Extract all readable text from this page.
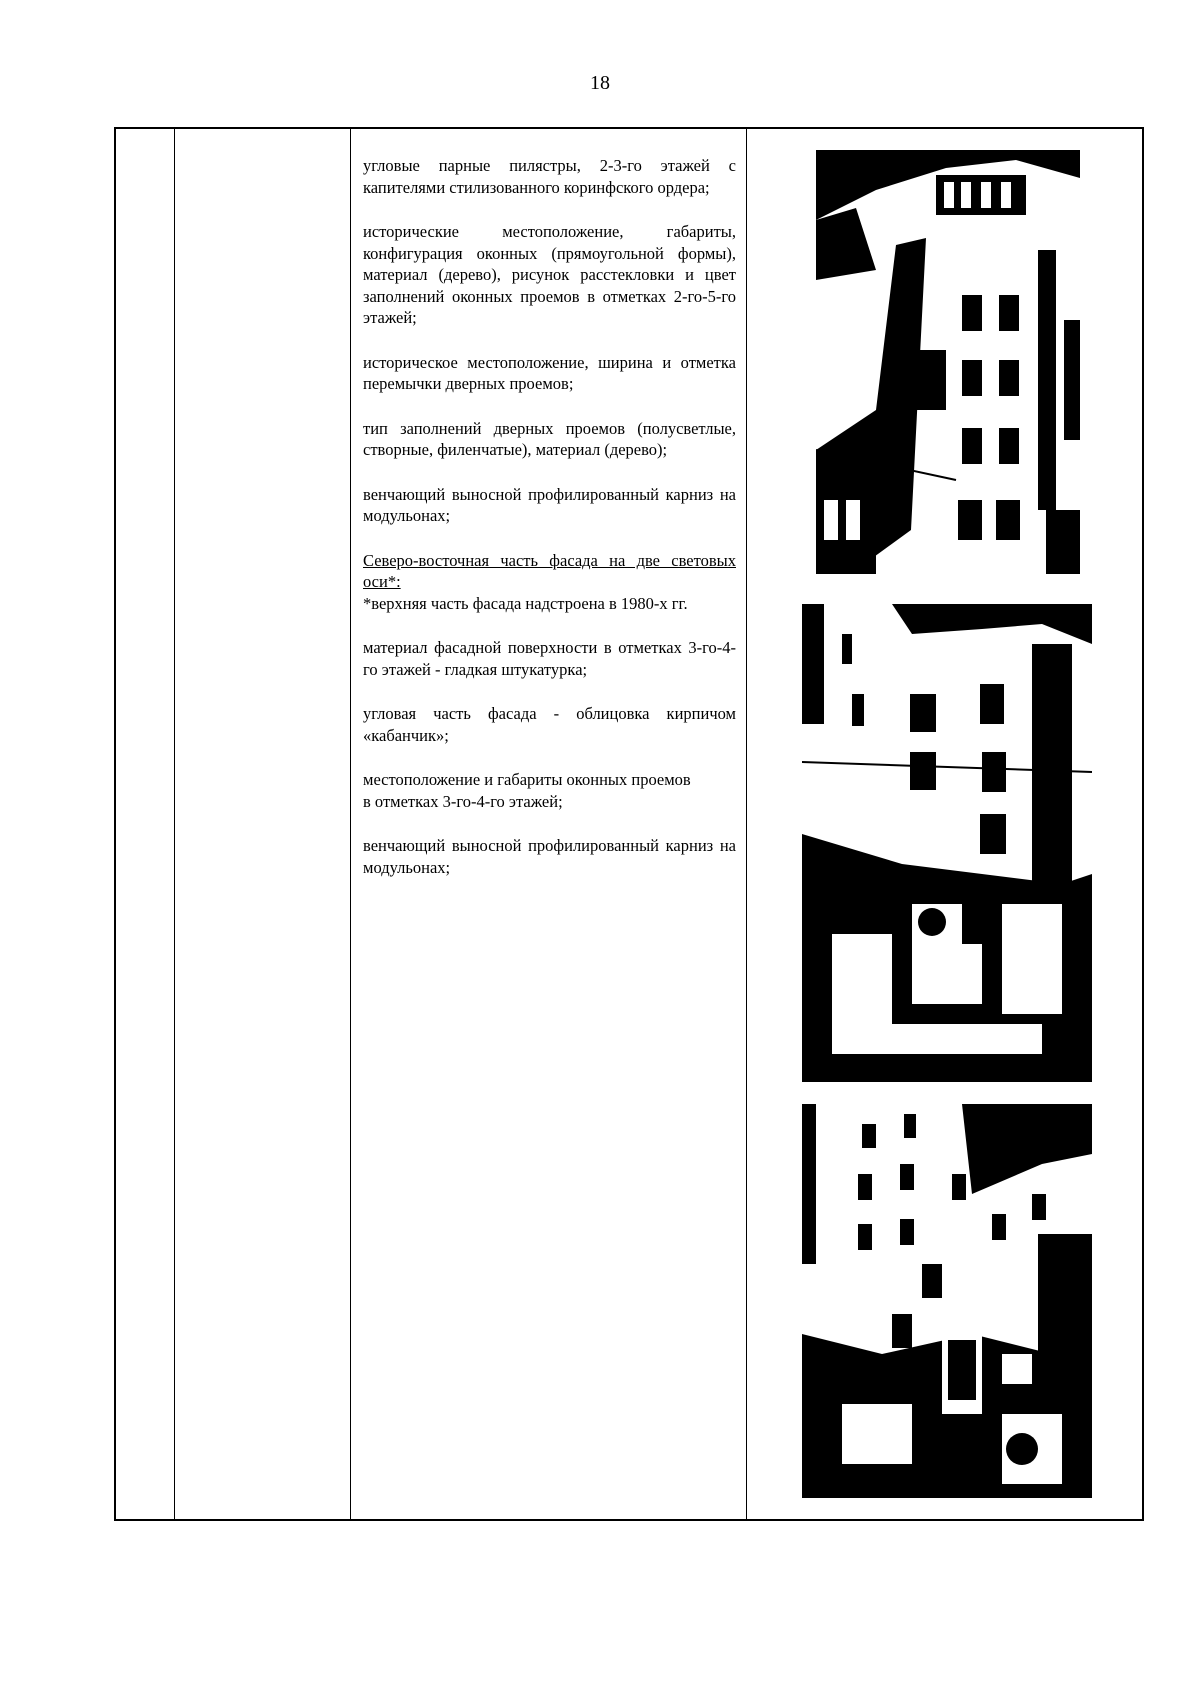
18

угловые парные пилястры, 2-3-го этажей с капителями стилизованного коринфского ордера;

исторические местоположение, габариты, конфигурация оконных (прямоугольной формы), материал (дерево), рисунок расстекловки и цвет заполнений оконных проемов в отметках 2-го-5-го этажей;

историческое местоположение, ширина и отметка перемычки дверных проемов;

тип заполнений дверных проемов (полусветлые, створные, филенчатые), материал (дерево);

венчающий выносной профилированный карниз на модульонах;

Северо-восточная часть фасада на две световых оси*:

*верхняя часть фасада надстроена в 1980-х гг.

материал фасадной поверхности в отметках 3-го-4-го этажей - гладкая штукатурка;

угловая часть фасада - облицовка кирпичом «кабанчик»;

местоположение и габариты оконных проемов

в отметках 3-го-4-го этажей;

венчающий выносной профилированный карниз на модульонах;
